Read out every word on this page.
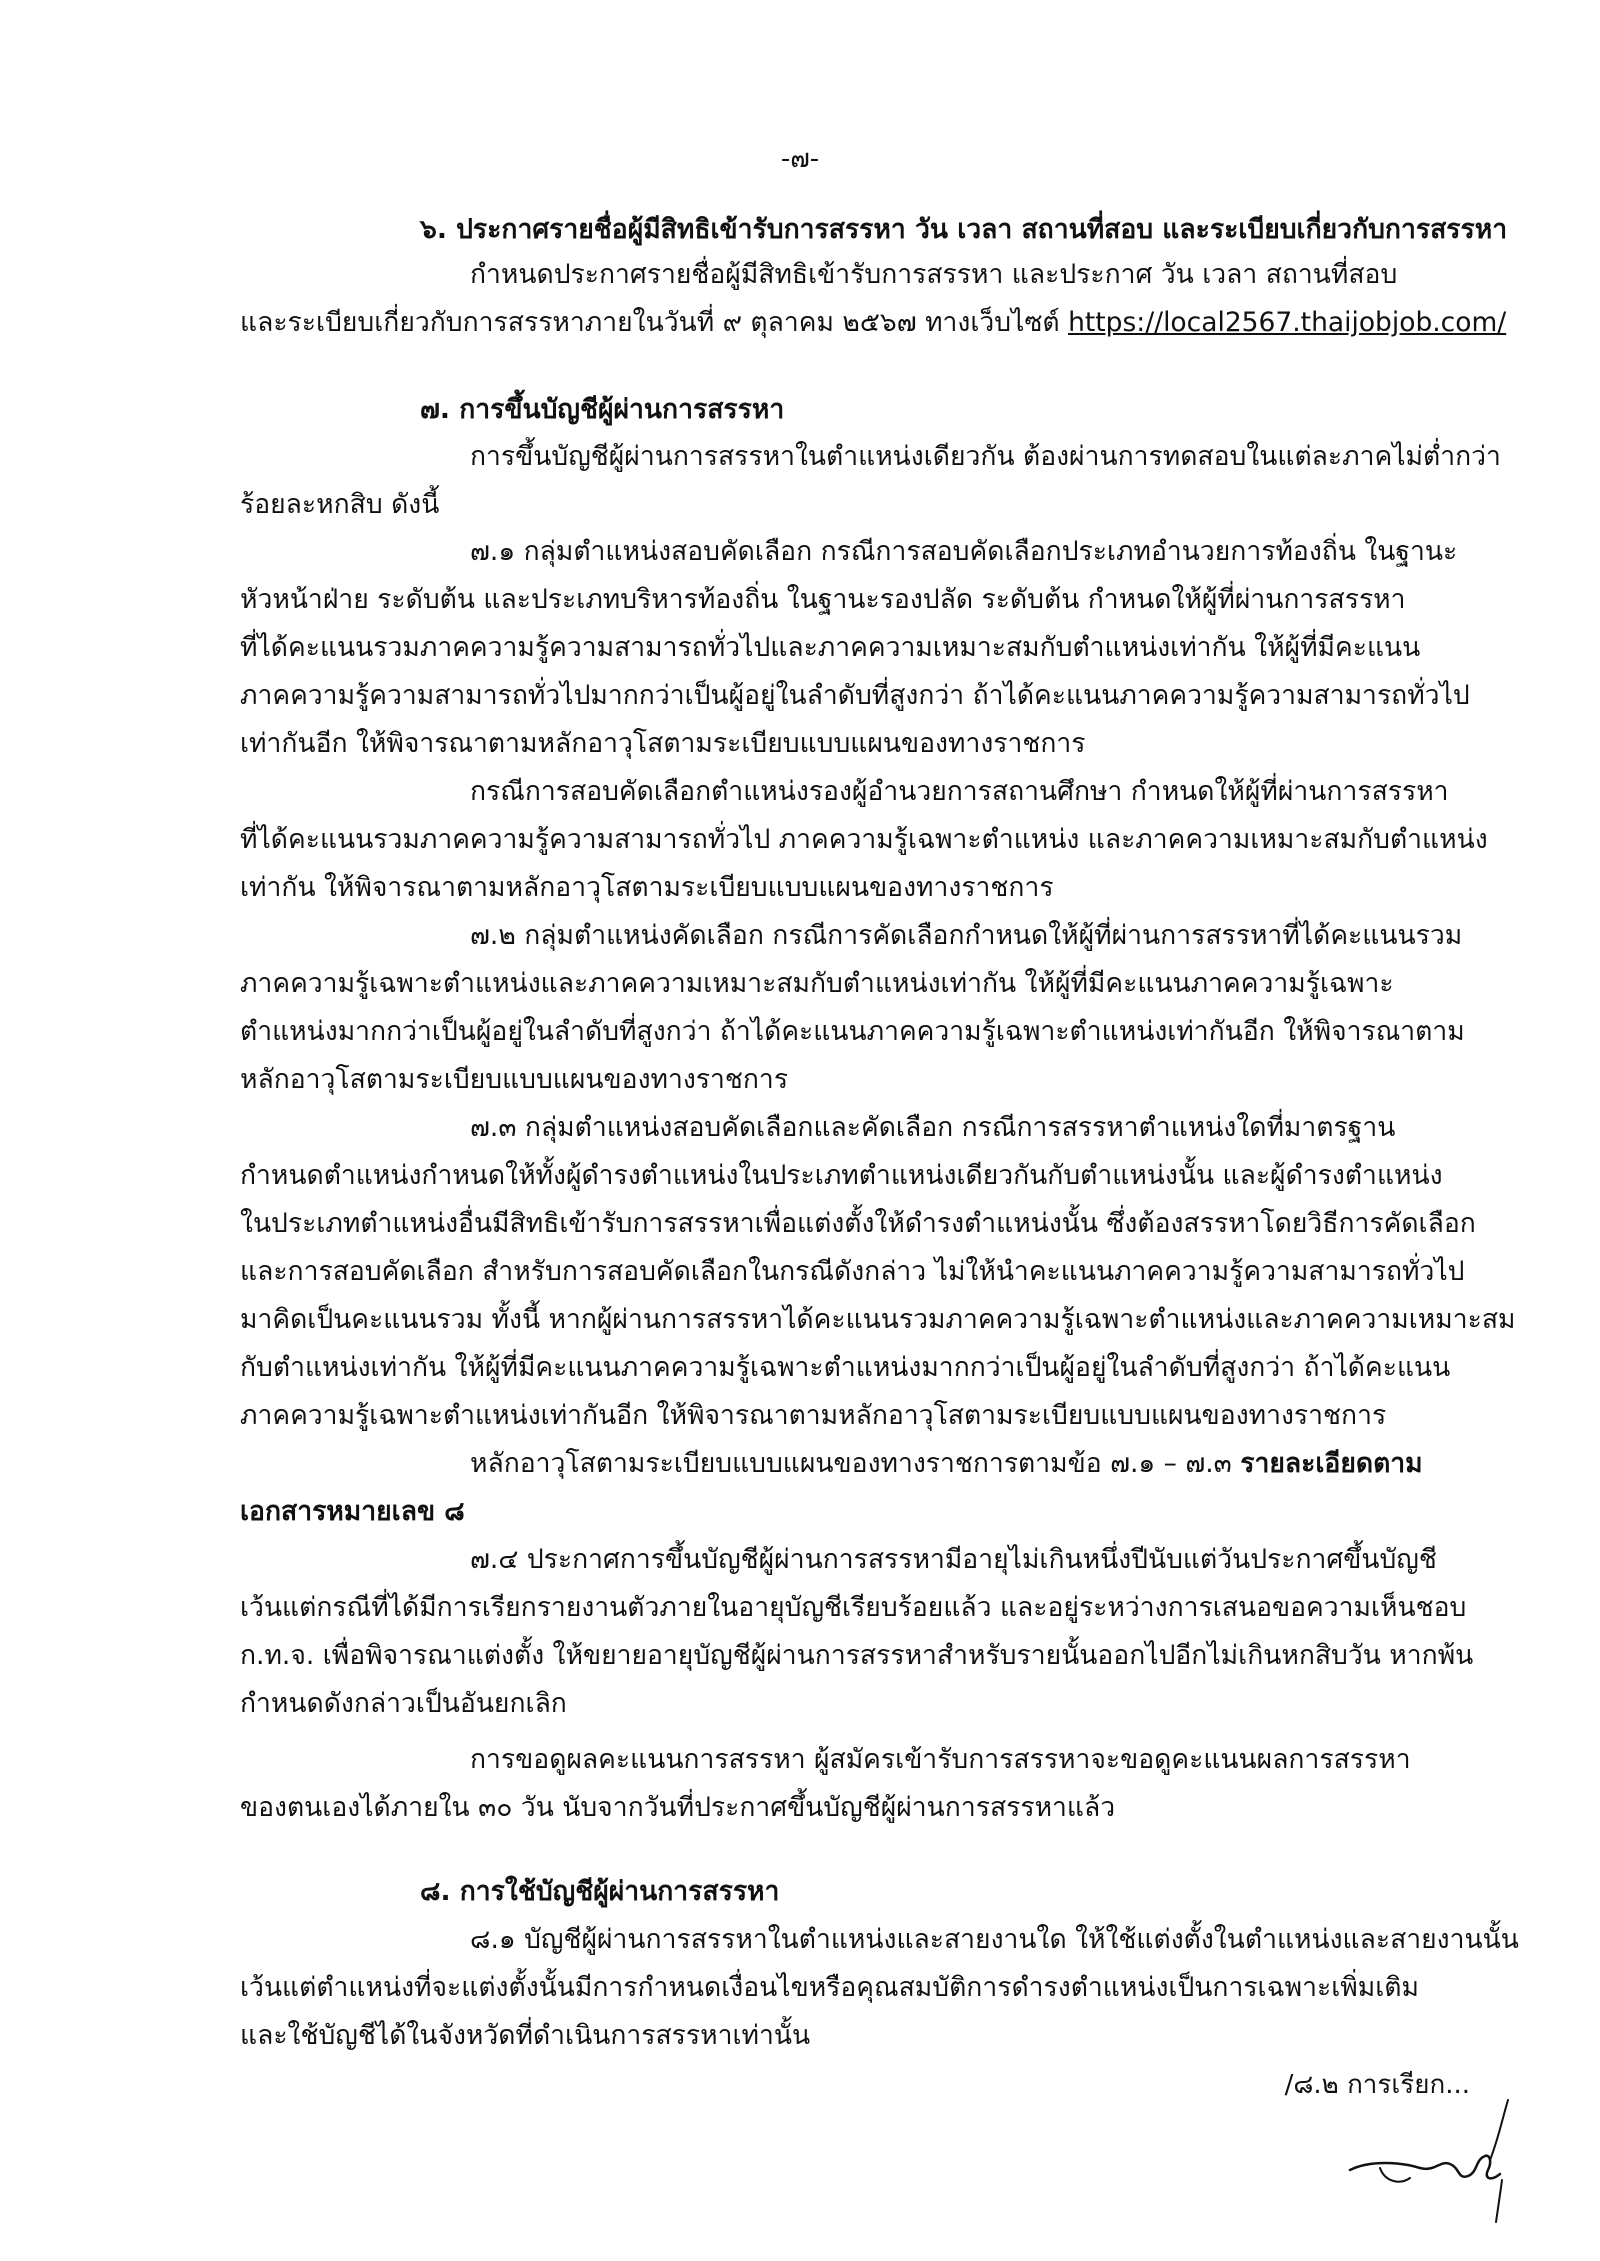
-๗-
๖. ประกาศรายชื่อผู้มีสิทธิเข้ารับการสรรหา วัน เวลา สถานที่สอบ และระเบียบเกี่ยวกับการสรรหา
กำหนดประกาศรายชื่อผู้มีสิทธิเข้ารับการสรรหา และประกาศ วัน เวลา สถานที่สอบ
และระเบียบเกี่ยวกับการสรรหาภายในวันที่ ๙ ตุลาคม ๒๕๖๗ ทางเว็บไซต์ https://local2567.thaijobjob.com/
๗. การขึ้นบัญชีผู้ผ่านการสรรหา
การขึ้นบัญชีผู้ผ่านการสรรหาในตำแหน่งเดียวกัน ต้องผ่านการทดสอบในแต่ละภาคไม่ต่ำกว่า
ร้อยละหกสิบ ดังนี้
๗.๑ กลุ่มตำแหน่งสอบคัดเลือก กรณีการสอบคัดเลือกประเภทอำนวยการท้องถิ่น ในฐานะ
หัวหน้าฝ่าย ระดับต้น และประเภทบริหารท้องถิ่น ในฐานะรองปลัด ระดับต้น กำหนดให้ผู้ที่ผ่านการสรรหา
ที่ได้คะแนนรวมภาคความรู้ความสามารถทั่วไปและภาคความเหมาะสมกับตำแหน่งเท่ากัน ให้ผู้ที่มีคะแนน
ภาคความรู้ความสามารถทั่วไปมากกว่าเป็นผู้อยู่ในลำดับที่สูงกว่า ถ้าได้คะแนนภาคความรู้ความสามารถทั่วไป
เท่ากันอีก ให้พิจารณาตามหลักอาวุโสตามระเบียบแบบแผนของทางราชการ
กรณีการสอบคัดเลือกตำแหน่งรองผู้อำนวยการสถานศึกษา กำหนดให้ผู้ที่ผ่านการสรรหา
ที่ได้คะแนนรวมภาคความรู้ความสามารถทั่วไป ภาคความรู้เฉพาะตำแหน่ง และภาคความเหมาะสมกับตำแหน่ง
เท่ากัน ให้พิจารณาตามหลักอาวุโสตามระเบียบแบบแผนของทางราชการ
๗.๒ กลุ่มตำแหน่งคัดเลือก กรณีการคัดเลือกกำหนดให้ผู้ที่ผ่านการสรรหาที่ได้คะแนนรวม
ภาคความรู้เฉพาะตำแหน่งและภาคความเหมาะสมกับตำแหน่งเท่ากัน ให้ผู้ที่มีคะแนนภาคความรู้เฉพาะ
ตำแหน่งมากกว่าเป็นผู้อยู่ในลำดับที่สูงกว่า ถ้าได้คะแนนภาคความรู้เฉพาะตำแหน่งเท่ากันอีก ให้พิจารณาตาม
หลักอาวุโสตามระเบียบแบบแผนของทางราชการ
๗.๓ กลุ่มตำแหน่งสอบคัดเลือกและคัดเลือก กรณีการสรรหาตำแหน่งใดที่มาตรฐาน
กำหนดตำแหน่งกำหนดให้ทั้งผู้ดำรงตำแหน่งในประเภทตำแหน่งเดียวกันกับตำแหน่งนั้น และผู้ดำรงตำแหน่ง
ในประเภทตำแหน่งอื่นมีสิทธิเข้ารับการสรรหาเพื่อแต่งตั้งให้ดำรงตำแหน่งนั้น ซึ่งต้องสรรหาโดยวิธีการคัดเลือก
และการสอบคัดเลือก สำหรับการสอบคัดเลือกในกรณีดังกล่าว ไม่ให้นำคะแนนภาคความรู้ความสามารถทั่วไป
มาคิดเป็นคะแนนรวม ทั้งนี้ หากผู้ผ่านการสรรหาได้คะแนนรวมภาคความรู้เฉพาะตำแหน่งและภาคความเหมาะสม
กับตำแหน่งเท่ากัน ให้ผู้ที่มีคะแนนภาคความรู้เฉพาะตำแหน่งมากกว่าเป็นผู้อยู่ในลำดับที่สูงกว่า ถ้าได้คะแนน
ภาคความรู้เฉพาะตำแหน่งเท่ากันอีก ให้พิจารณาตามหลักอาวุโสตามระเบียบแบบแผนของทางราชการ
หลักอาวุโสตามระเบียบแบบแผนของทางราชการตามข้อ ๗.๑ – ๗.๓ รายละเอียดตาม
เอกสารหมายเลข ๘
๗.๔ ประกาศการขึ้นบัญชีผู้ผ่านการสรรหามีอายุไม่เกินหนึ่งปีนับแต่วันประกาศขึ้นบัญชี
เว้นแต่กรณีที่ได้มีการเรียกรายงานตัวภายในอายุบัญชีเรียบร้อยแล้ว และอยู่ระหว่างการเสนอขอความเห็นชอบ
ก.ท.จ. เพื่อพิจารณาแต่งตั้ง ให้ขยายอายุบัญชีผู้ผ่านการสรรหาสำหรับรายนั้นออกไปอีกไม่เกินหกสิบวัน หากพ้น
กำหนดดังกล่าวเป็นอันยกเลิก
การขอดูผลคะแนนการสรรหา ผู้สมัครเข้ารับการสรรหาจะขอดูคะแนนผลการสรรหา
ของตนเองได้ภายใน ๓๐ วัน นับจากวันที่ประกาศขึ้นบัญชีผู้ผ่านการสรรหาแล้ว
๘. การใช้บัญชีผู้ผ่านการสรรหา
๘.๑ บัญชีผู้ผ่านการสรรหาในตำแหน่งและสายงานใด ให้ใช้แต่งตั้งในตำแหน่งและสายงานนั้น
เว้นแต่ตำแหน่งที่จะแต่งตั้งนั้นมีการกำหนดเงื่อนไขหรือคุณสมบัติการดำรงตำแหน่งเป็นการเฉพาะเพิ่มเติม
และใช้บัญชีได้ในจังหวัดที่ดำเนินการสรรหาเท่านั้น
/๘.๒ การเรียก...
